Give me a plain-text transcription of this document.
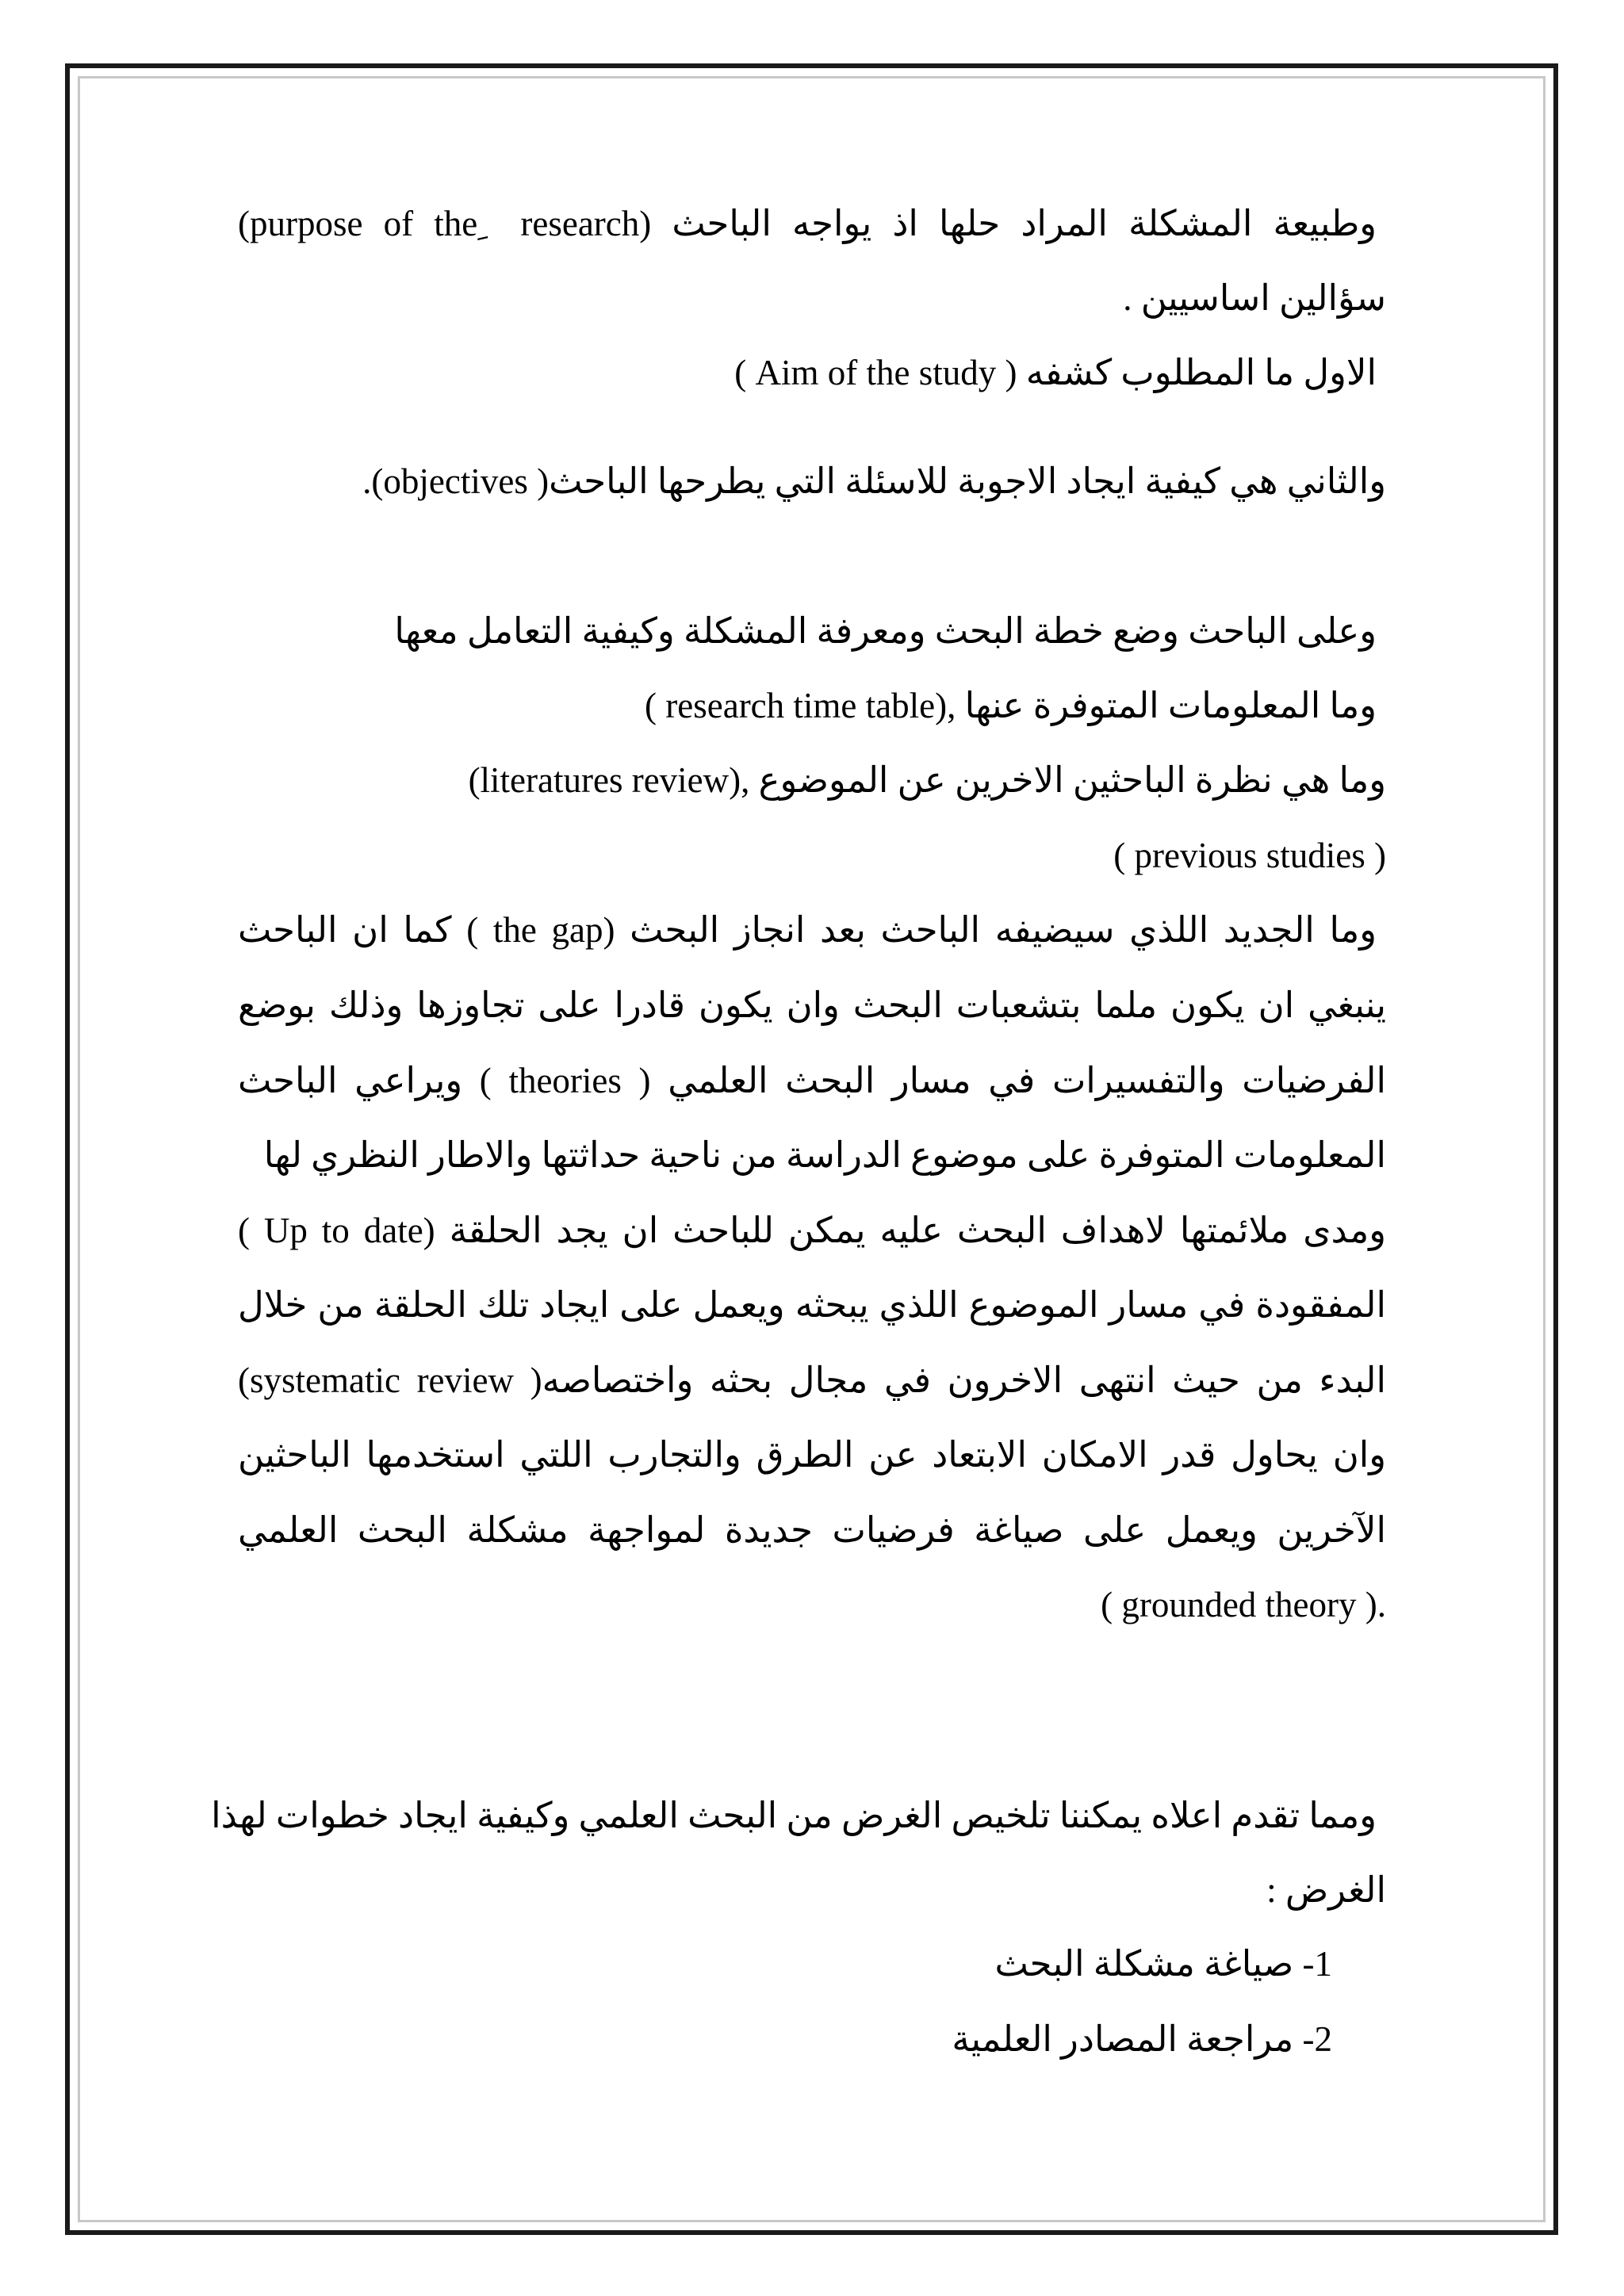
(purpose of the ِ research) وطبيعة المشكلة المراد حلها اذ يواجه الباحث
سؤالين اساسيين .
الاول ما المطلوب كشفه ( Aim of the study )
والثاني هي كيفية ايجاد الاجوبة للاسئلة التي يطرحها الباحث( objectives).
وعلى الباحث وضع خطة البحث ومعرفة المشكلة وكيفية التعامل معها
( research time table), وما المعلومات المتوفرة عنها
(literatures review), وما هي نظرة الباحثين الاخرين عن الموضوع
( previous studies )
وما الجديد اللذي سيضيفه الباحث بعد انجاز البحث (the gap ) كما ان الباحث
ينبغي ان يكون ملما بتشعبات البحث وان يكون قادرا على تجاوزها وذلك بوضع
الفرضيات والتفسيرات في مسار البحث العلمي ( theories ) ويراعي الباحث
المعلومات المتوفرة على موضوع الدراسة من ناحية حداثتها والاطار النظري لها
( Up to date) ومدى ملائمتها لاهداف البحث عليه يمكن للباحث ان يجد الحلقة
المفقودة في مسار الموضوع اللذي يبحثه ويعمل على ايجاد تلك الحلقة من خلال
البدء من حيث انتهى الاخرون في مجال بحثه واختصاصه( systematic review)
وان يحاول قدر الامكان الابتعاد عن الطرق والتجارب اللتي استخدمها الباحثين
الآخرين ويعمل على صياغة فرضيات جديدة لمواجهة مشكلة البحث العلمي
( grounded theory ).
ومما تقدم اعلاه يمكننا تلخيص الغرض من البحث العلمي وكيفية ايجاد خطوات لهذا
الغرض :
1- صياغة مشكلة البحث
2- مراجعة المصادر العلمية
